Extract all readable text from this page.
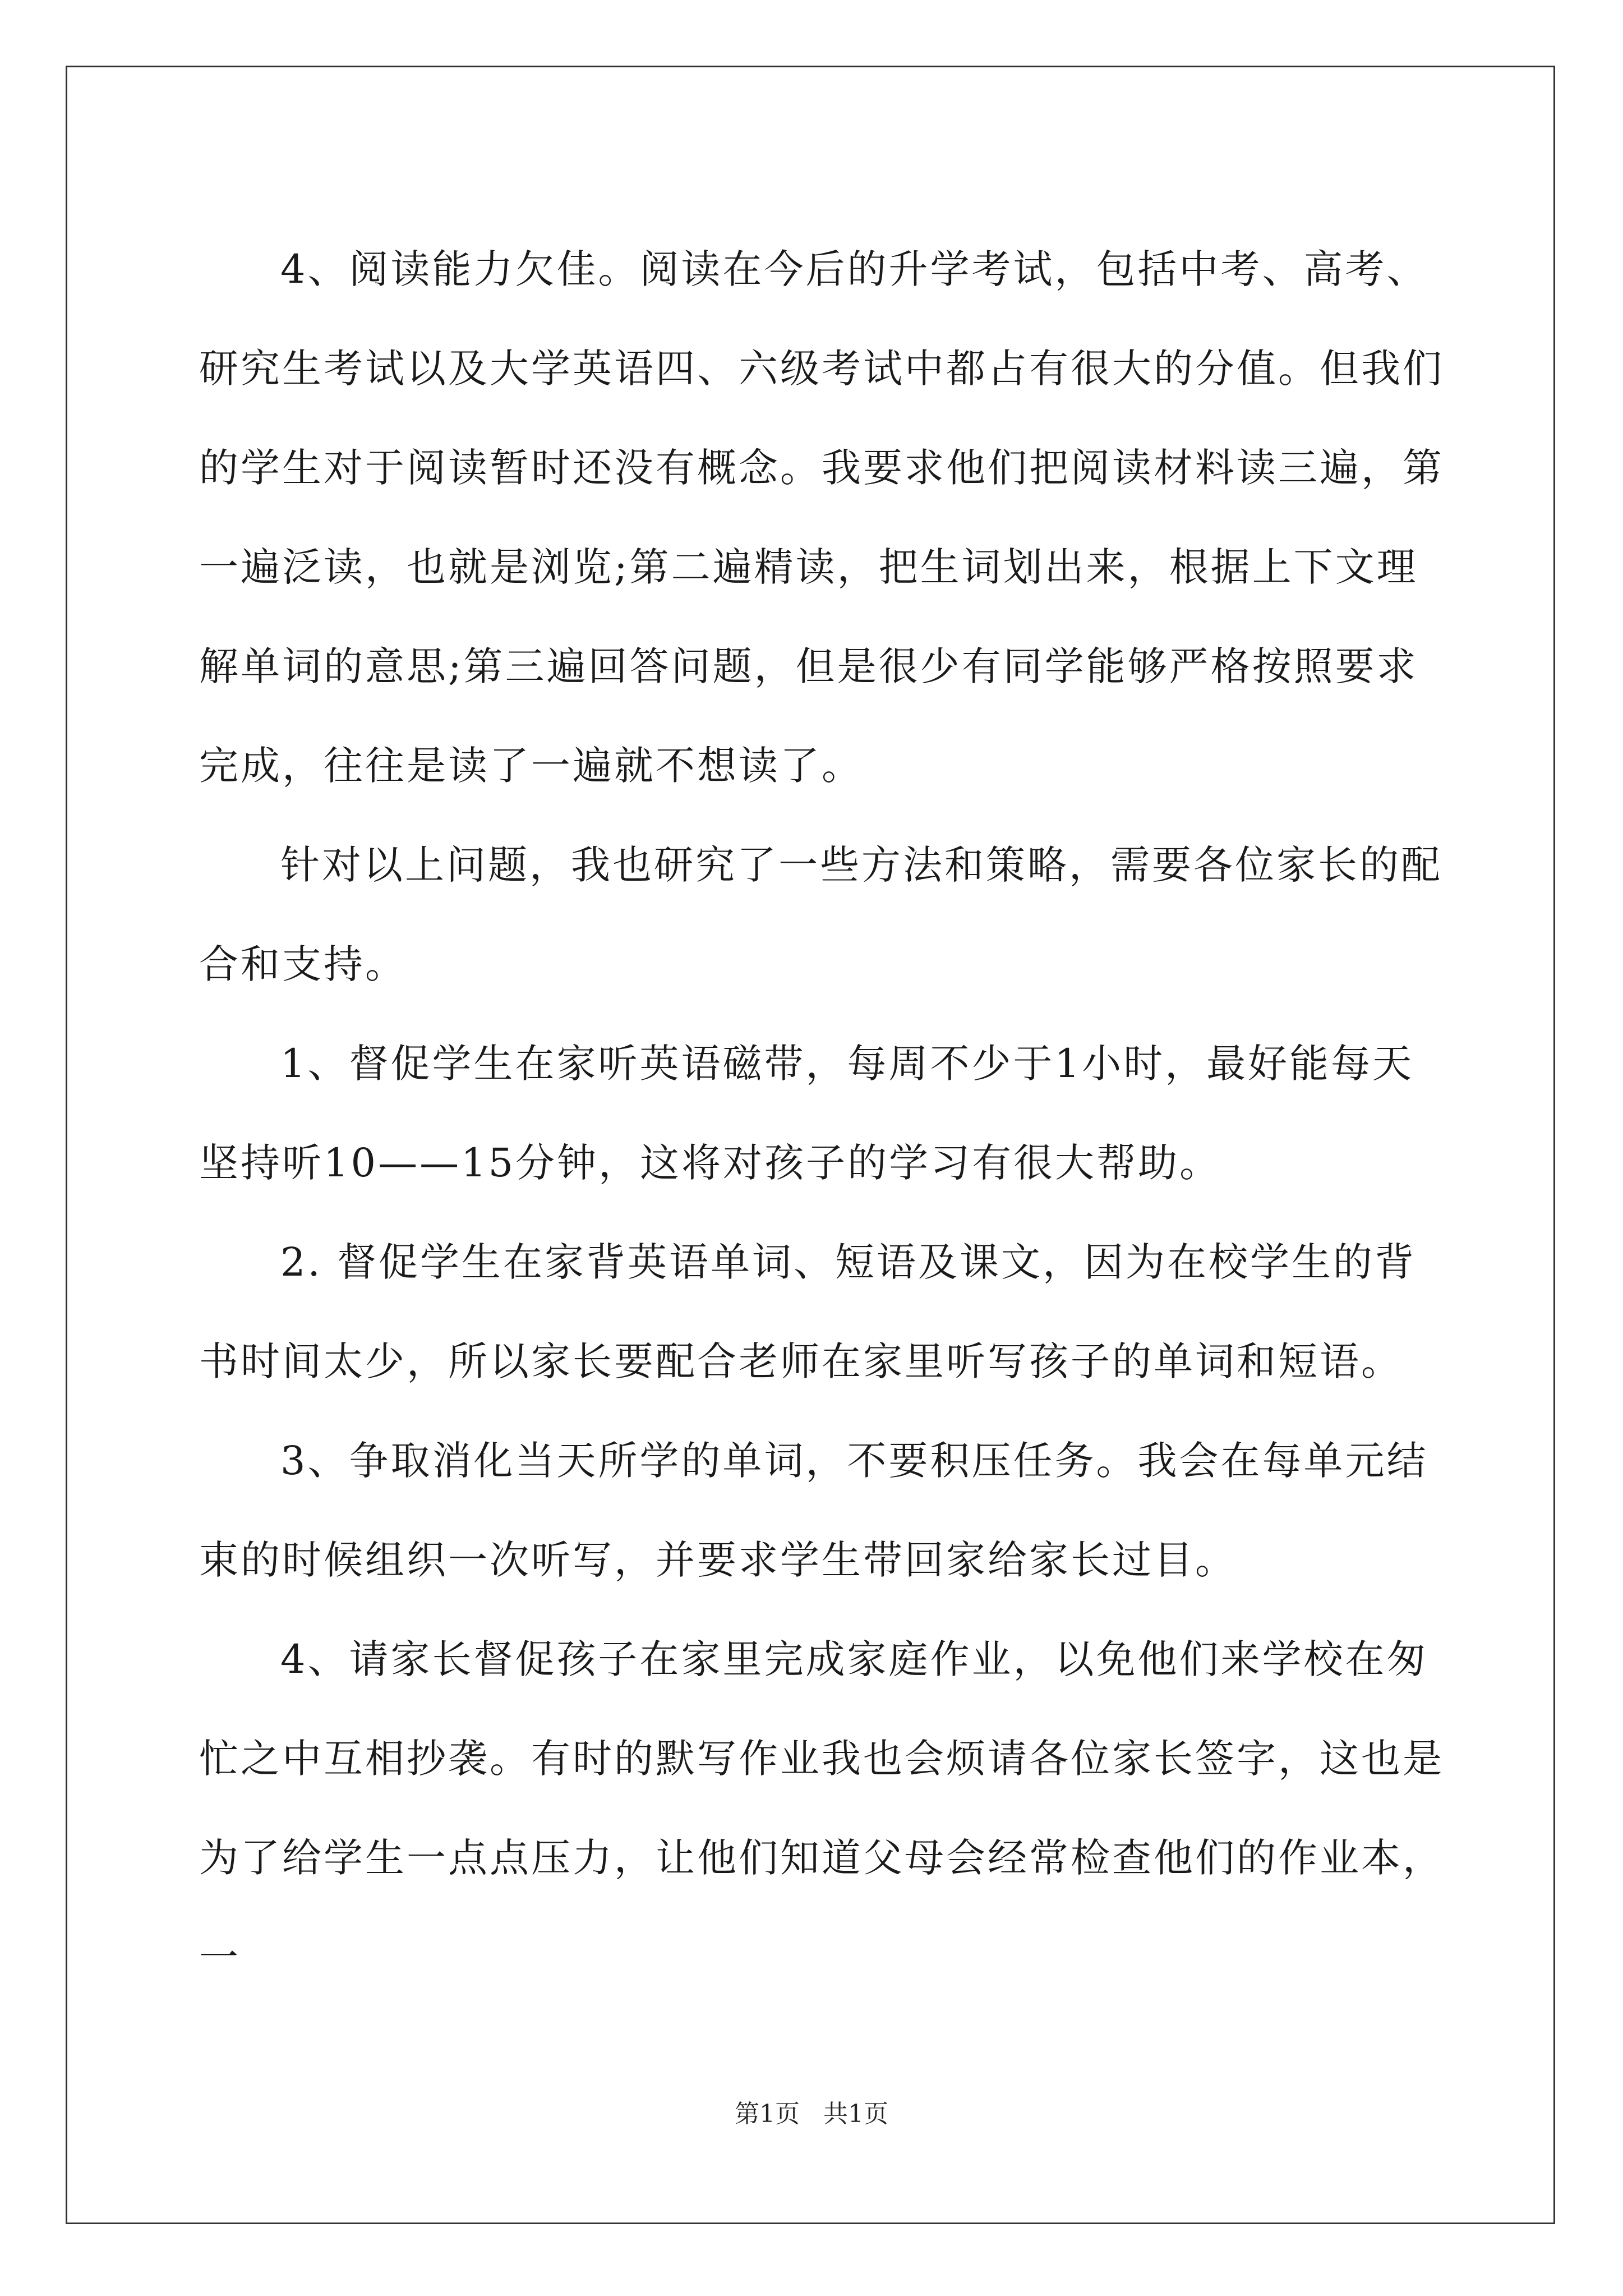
4、阅读能力欠佳。阅读在今后的升学考试，包括中考、高考、研究生考试以及大学英语四、六级考试中都占有很大的分值。但我们的学生对于阅读暂时还没有概念。我要求他们把阅读材料读三遍，第一遍泛读，也就是浏览;第二遍精读，把生词划出来，根据上下文理解单词的意思;第三遍回答问题，但是很少有同学能够严格按照要求完成，往往是读了一遍就不想读了。

针对以上问题，我也研究了一些方法和策略，需要各位家长的配合和支持。

1、督促学生在家听英语磁带，每周不少于1小时，最好能每天坚持听10——15分钟，这将对孩子的学习有很大帮助。

2. 督促学生在家背英语单词、短语及课文，因为在校学生的背书时间太少，所以家长要配合老师在家里听写孩子的单词和短语。

3、争取消化当天所学的单词，不要积压任务。我会在每单元结束的时候组织一次听写，并要求学生带回家给家长过目。

4、请家长督促孩子在家里完成家庭作业，以免他们来学校在匆忙之中互相抄袭。有时的默写作业我也会烦请各位家长签字，这也是为了给学生一点点压力，让他们知道父母会经常检查他们的作业本，一

第1页 共1页
